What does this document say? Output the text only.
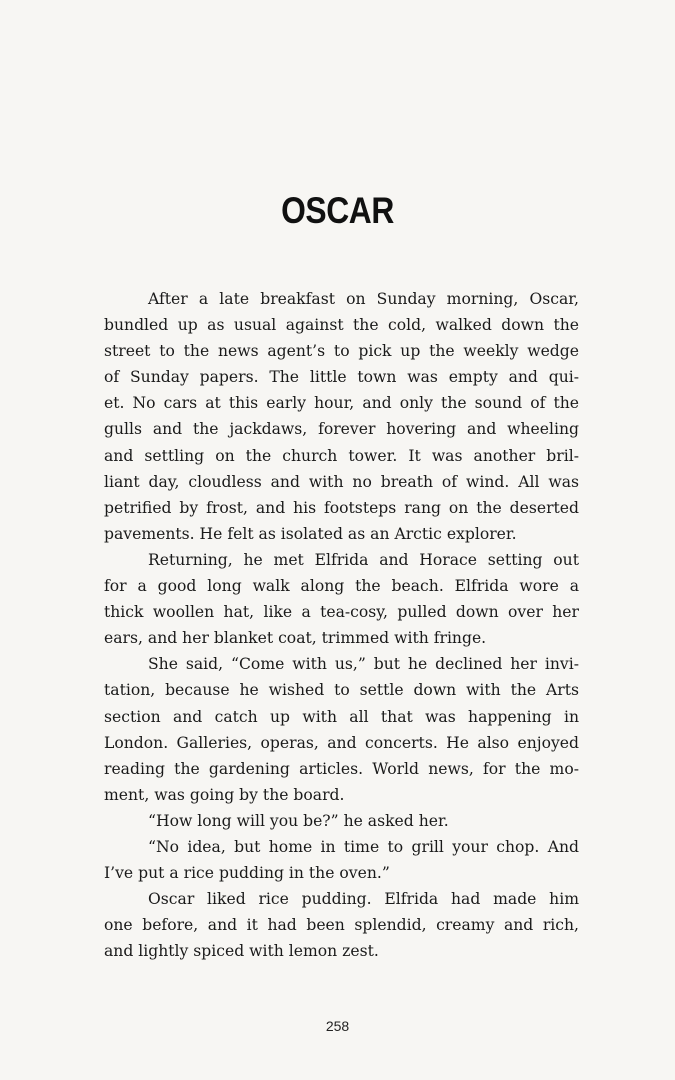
OSCAR
After a late breakfast on Sunday morning, Oscar,
bundled up as usual against the cold, walked down the
street to the news agent’s to pick up the weekly wedge
of Sunday papers. The little town was empty and qui-
et. No cars at this early hour, and only the sound of the
gulls and the jackdaws, forever hovering and wheeling
and settling on the church tower. It was another bril-
liant day, cloudless and with no breath of wind. All was
petrified by frost, and his footsteps rang on the deserted
pavements. He felt as isolated as an Arctic explorer.
Returning, he met Elfrida and Horace setting out
for a good long walk along the beach. Elfrida wore a
thick woollen hat, like a tea-cosy, pulled down over her
ears, and her blanket coat, trimmed with fringe.
She said, “Come with us,” but he declined her invi-
tation, because he wished to settle down with the Arts
section and catch up with all that was happening in
London. Galleries, operas, and concerts. He also enjoyed
reading the gardening articles. World news, for the mo-
ment, was going by the board.
“How long will you be?” he asked her.
“No idea, but home in time to grill your chop. And
I’ve put a rice pudding in the oven.”
Oscar liked rice pudding. Elfrida had made him
one before, and it had been splendid, creamy and rich,
and lightly spiced with lemon zest.
258
